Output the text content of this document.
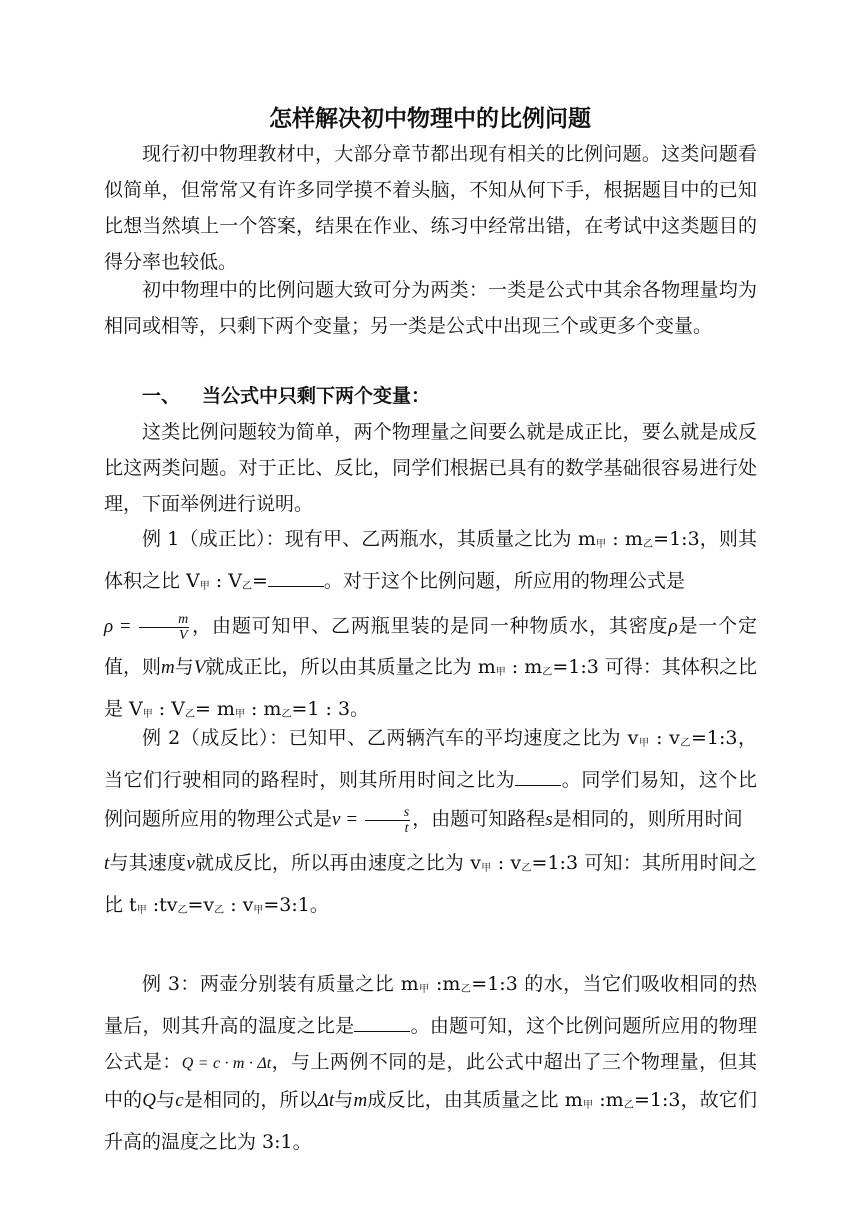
怎样解决初中物理中的比例问题

现行初中物理教材中，大部分章节都出现有相关的比例问题。这类问题看似简单，但常常又有许多同学摸不着头脑，不知从何下手，根据题目中的已知比想当然填上一个答案，结果在作业、练习中经常出错，在考试中这类题目的得分率也较低。

初中物理中的比例问题大致可分为两类：一类是公式中其余各物理量均为相同或相等，只剩下两个变量；另一类是公式中出现三个或更多个变量。

一、 当公式中只剩下两个变量：

这类比例问题较为简单，两个物理量之间要么就是成正比，要么就是成反比这两类问题。对于正比、反比，同学们根据已具有的数学基础很容易进行处理，下面举例进行说明。

例 1（成正比）：现有甲、乙两瓶水，其质量之比为 $m_甲$ : $m_乙=1:3$，则其体积之比 $V_甲$ : $V_乙=$	。对于这个比例问题，所应用的物理公式是
$\rho = \frac{m}{V}$ ，由题可知甲、乙两瓶里装的是同一种物质水，其密度ρ是一个定值，则m与V就成正比，所以由其质量之比为 $m_甲$ : $m_乙=1:3$ 可得：其体积之比是 $V_甲$ : $V_乙= m_甲$ : $m_乙=1$ : 3。

例 2（成反比）：已知甲、乙两辆汽车的平均速度之比为 $v_甲$ : $v_乙=1:3$，当它们行驶相同的路程时，则其所用时间之比为 。同学们易知，这个比例问题所应用的物理公式是$v = \frac{s}{t}$ ，由题可知路程s是相同的，则所用时间
t与其速度v就成反比，所以再由速度之比为 $v_甲$ : $v_乙=1:3$ 可知：其所用时间之比 $t_甲$ $:tv_乙=v_乙$ : $v_甲=3:1$。

例 3：两壶分别装有质量之比 $m_甲$ $:m_乙=1:3$ 的水，当它们吸收相同的热量后，则其升高的温度之比是	。由题可知，这个比例问题所应用的物理公式是：Q = c · m · Δt，与上两例不同的是，此公式中超出了三个物理量，但其中的Q与c是相同的，所以Δt与m成反比，由其质量之比 $m_甲$ $:m_乙=1:3$，故它们升高的温度之比为 3:1。
